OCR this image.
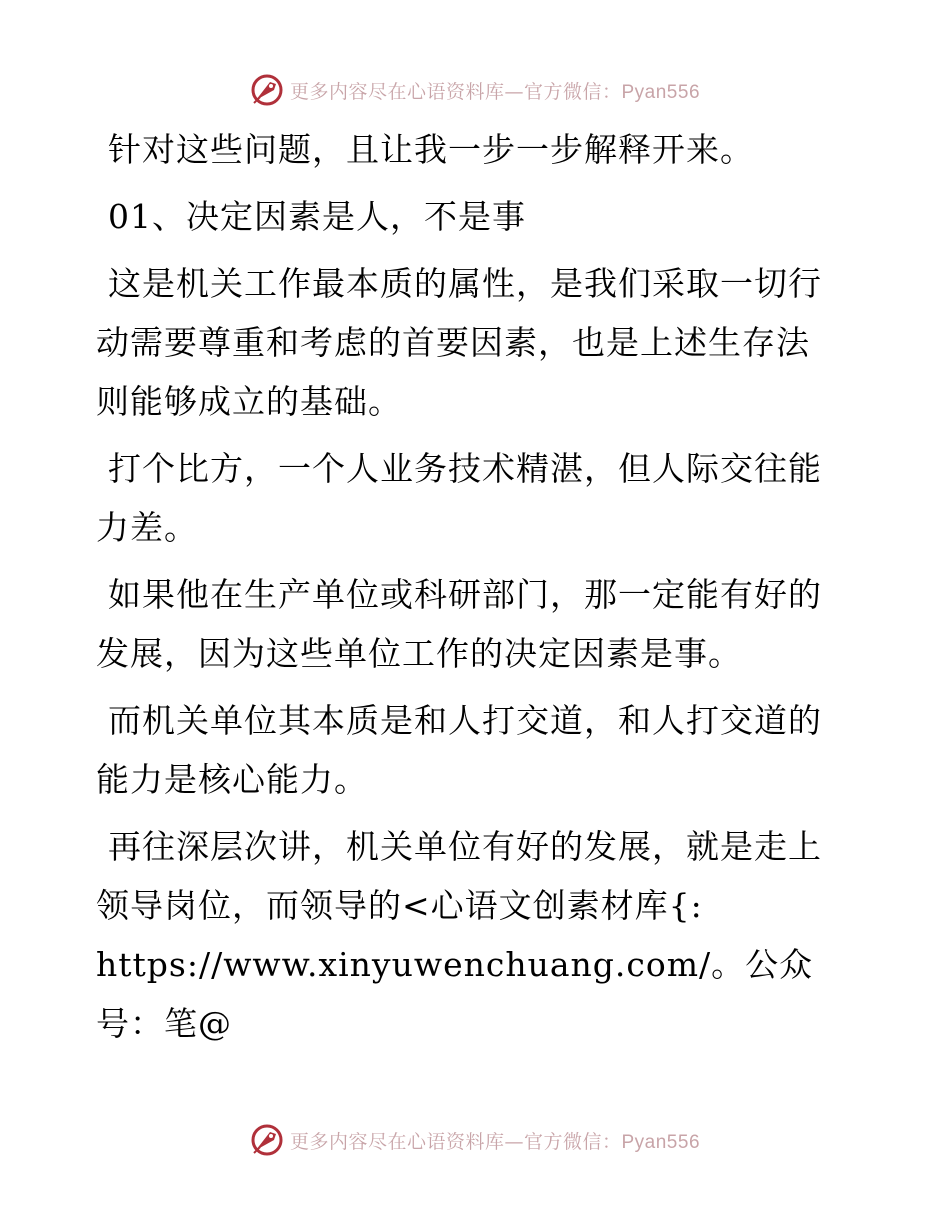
更多内容尽在心语资料库—官方微信：Pyan556

针对这些问题，且让我一步一步解释开来。

01、决定因素是人，不是事

这是机关工作最本质的属性，是我们采取一切行动需要尊重和考虑的首要因素，也是上述生存法则能够成立的基础。

打个比方，一个人业务技术精湛，但人际交往能力差。

如果他在生产单位或科研部门，那一定能有好的发展，因为这些单位工作的决定因素是事。

而机关单位其本质是和人打交道，和人打交道的能力是核心能力。

再往深层次讲，机关单位有好的发展，就是走上领导岗位，而领导的<心语文创素材库{:

https://www.xinyuwenchuang.com/。公众号：笔@

更多内容尽在心语资料库—官方微信：Pyan556
